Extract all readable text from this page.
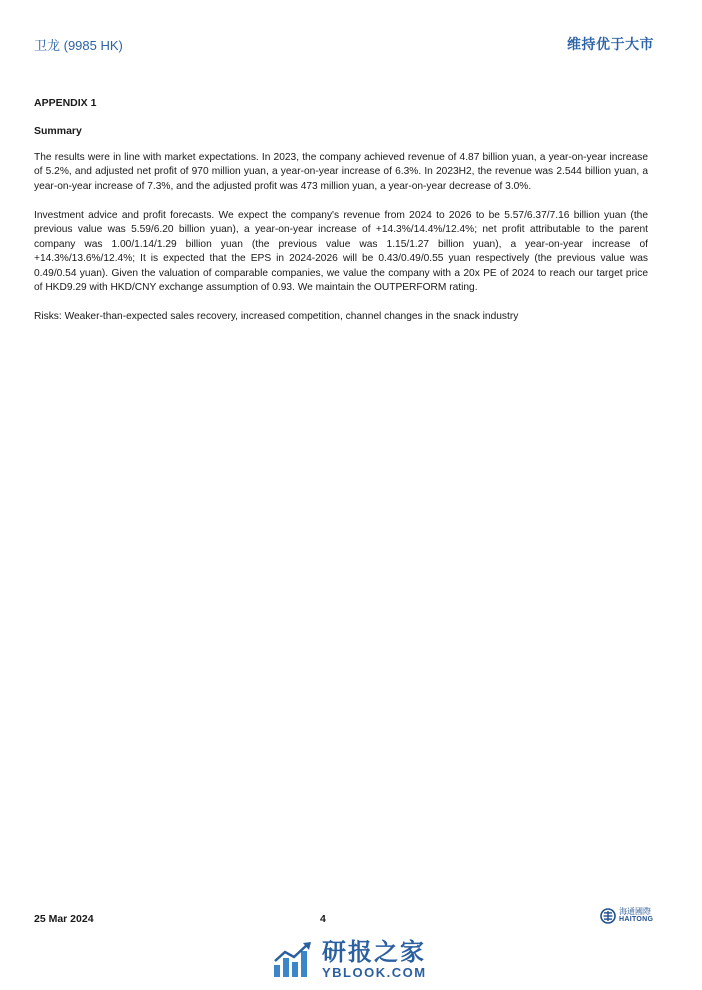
卫龙 (9985 HK)	维持优于大市
APPENDIX 1
Summary

The results were in line with market expectations. In 2023, the company achieved revenue of 4.87 billion yuan, a year-on-year increase of 5.2%, and adjusted net profit of 970 million yuan, a year-on-year increase of 6.3%. In 2023H2, the revenue was 2.544 billion yuan, a year-on-year increase of 7.3%, and the adjusted profit was 473 million yuan, a year-on-year decrease of 3.0%.

Investment advice and profit forecasts. We expect the company's revenue from 2024 to 2026 to be 5.57/6.37/7.16 billion yuan (the previous value was 5.59/6.20 billion yuan), a year-on-year increase of +14.3%/14.4%/12.4%; net profit attributable to the parent company was 1.00/1.14/1.29 billion yuan (the previous value was 1.15/1.27 billion yuan), a year-on-year increase of +14.3%/13.6%/12.4%; It is expected that the EPS in 2024-2026 will be 0.43/0.49/0.55 yuan respectively (the previous value was 0.49/0.54 yuan). Given the valuation of comparable companies, we value the company with a 20x PE of 2024 to reach our target price of HKD9.29 with HKD/CNY exchange assumption of 0.93. We maintain the OUTPERFORM rating.

Risks: Weaker-than-expected sales recovery, increased competition, channel changes in the snack industry

25 Mar 2024	4
海通國際
HAITONG
研报之家
YBLOOK.COM
